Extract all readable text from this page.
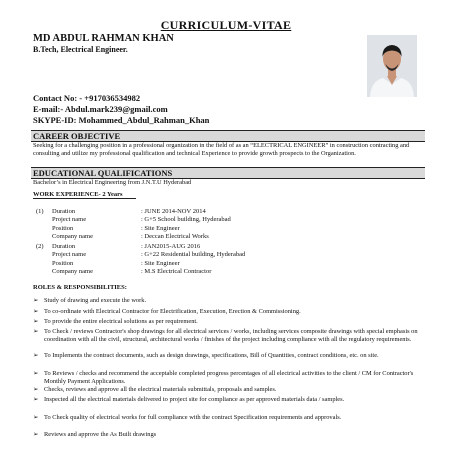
CURRICULUM-VITAE
MD ABDUL RAHMAN KHAN
B.Tech, Electrical Engineer.
Contact No: - +917036534982
E-mail:- Abdul.mark239@gmail.com
SKYPE-ID: Mohammed_Abdul_Rahman_Khan
CAREER OBJECTIVE
Seeking for a challenging position in a professional organization in the field of as an “ELECTRICAL ENGINEER” in construction contracting and consulting and utilize my professional qualification and technical Experience to provide growth prospects to the Organization.
EDUCATIONAL QUALIFICATIONS
Bachelor’s in Electrical Engineering from J.N.T.U Hyderabad
WORK EXPERIENCE- 2 Years
(1) Duration	: JUNE 2014-NOV 2014
Project name	: G+5 School building, Hyderabad
Position	: Site Engineer
Company name	: Deccan Electrical Works
(2) Duration	: JAN2015-AUG 2016
Project name	: G+22 Residential building, Hyderabad
Position	: Site Engineer
Company name	: M.S Electrical Contractor
ROLES & RESPONSIBILITIES:
➢ Study of drawing and execute the work.
➢ To co-ordinate with Electrical Contractor for Electrification, Execution, Erection & Commissioning.
➢ To provide the entire electrical solutions as per requirement.
➢ To Check / reviews Contractor's shop drawings for all electrical services / works, including services composite drawings with special emphasis on coordination with all the civil, structural, architectural works / finishes of the project including compliance with all the regulatory requirements.
➢ To Implements the contract documents, such as design drawings, specifications, Bill of Quantities, contract conditions, etc. on site.
➢ To Reviews / checks and recommend the acceptable completed progress percentages of all electrical activities to the client / CM for Contractor's Monthly Payment Applications.
➢ Checks, reviews and approve all the electrical materials submittals, proposals and samples.
➢ Inspected all the electrical materials delivered to project site for compliance as per approved materials data / samples.
➢ To Check quality of electrical works for full compliance with the contract Specification requirements and approvals.
➢ Reviews and approve the As Built drawings
